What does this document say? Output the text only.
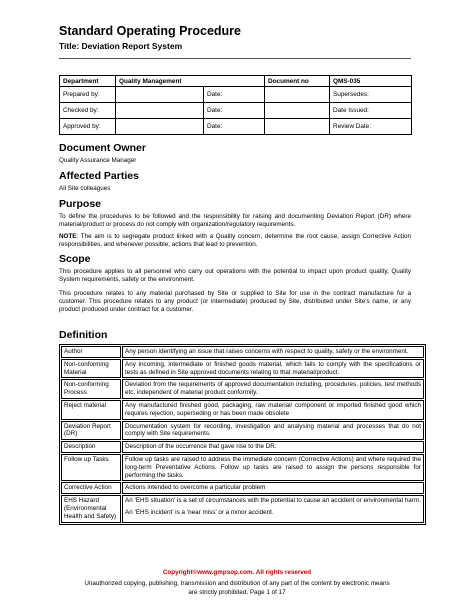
Standard Operating Procedure
Title: Deviation Report System
Department	Quality Management		Document no	QMS-035
Prepared by:		Date:		Supersedes:
Checked by:		Date:		Date Issued:
Approved by:		Date:		Review Date:
Document Owner
Quality Assurance Manager
Affected Parties
All Site colleagues
Purpose
To define the procedures to be followed and the responsibility for raising and documenting Deviation Report (DR) where material/product or process do not comply with organization/regulatory requirements.
NOTE: The aim is to segregate product linked with a Quality concern, determine the root cause, assign Corrective Action responsibilities, and whenever possible, actions that lead to prevention.
Scope
This procedure applies to all personnel who carry out operations with the potential to impact upon product quality, Quality System requirements, safety or the environment.
This procedure relates to any material purchased by Site or supplied to Site for use in the contract manufacture for a customer. This procedure relates to any product (or intermediate) produced by Site, distributed under Site’s name, or any product produced under contract for a customer.
Definition
Author	Any person identifying an issue that raises concerns with respect to quality, safety or the environment.

Non-conforming Material	Any incoming, intermediate or finished goods material, which fails to comply with the specifications or tests as defined in Site approved documents relating to that material/product.

Non-conforming Process	Deviation from the requirements of approved documentation including, procedures, policies, test methods etc, independent of material product conformity.

Reject material	Any manufactured finished good, packaging, raw material/ component or imported finished good which requires rejection, superseding or has been made obsolete

Deviation Report (DR)	Documentation system for recording, investigation and analysing material and processes that do not comply with Site requirements.

Description	Description of the occurrence that gave rise to the DR.

Follow up Tasks	Follow up tasks are raised to address the immediate concern (Corrective Actions) and where required the long-term Preventative Actions. Follow up tasks are raised to assign the persons responsible for performing the tasks.

Corrective Action	Actions intended to overcome a particular problem

EHS Hazard (Environmental Health and Safety)	An ‘EHS situation’ is a set of circumstances with the potential to cause an accident or environmental harm.
An ‘EHS incident’ is a ‘near miss’ or a minor accident.
Copyright©www.gmpsop.com. All rights reserved
Unauthorized copying, publishing, transmission and distribution of any part of the content by electronic means are strictly prohibited. Page 1 of 17
